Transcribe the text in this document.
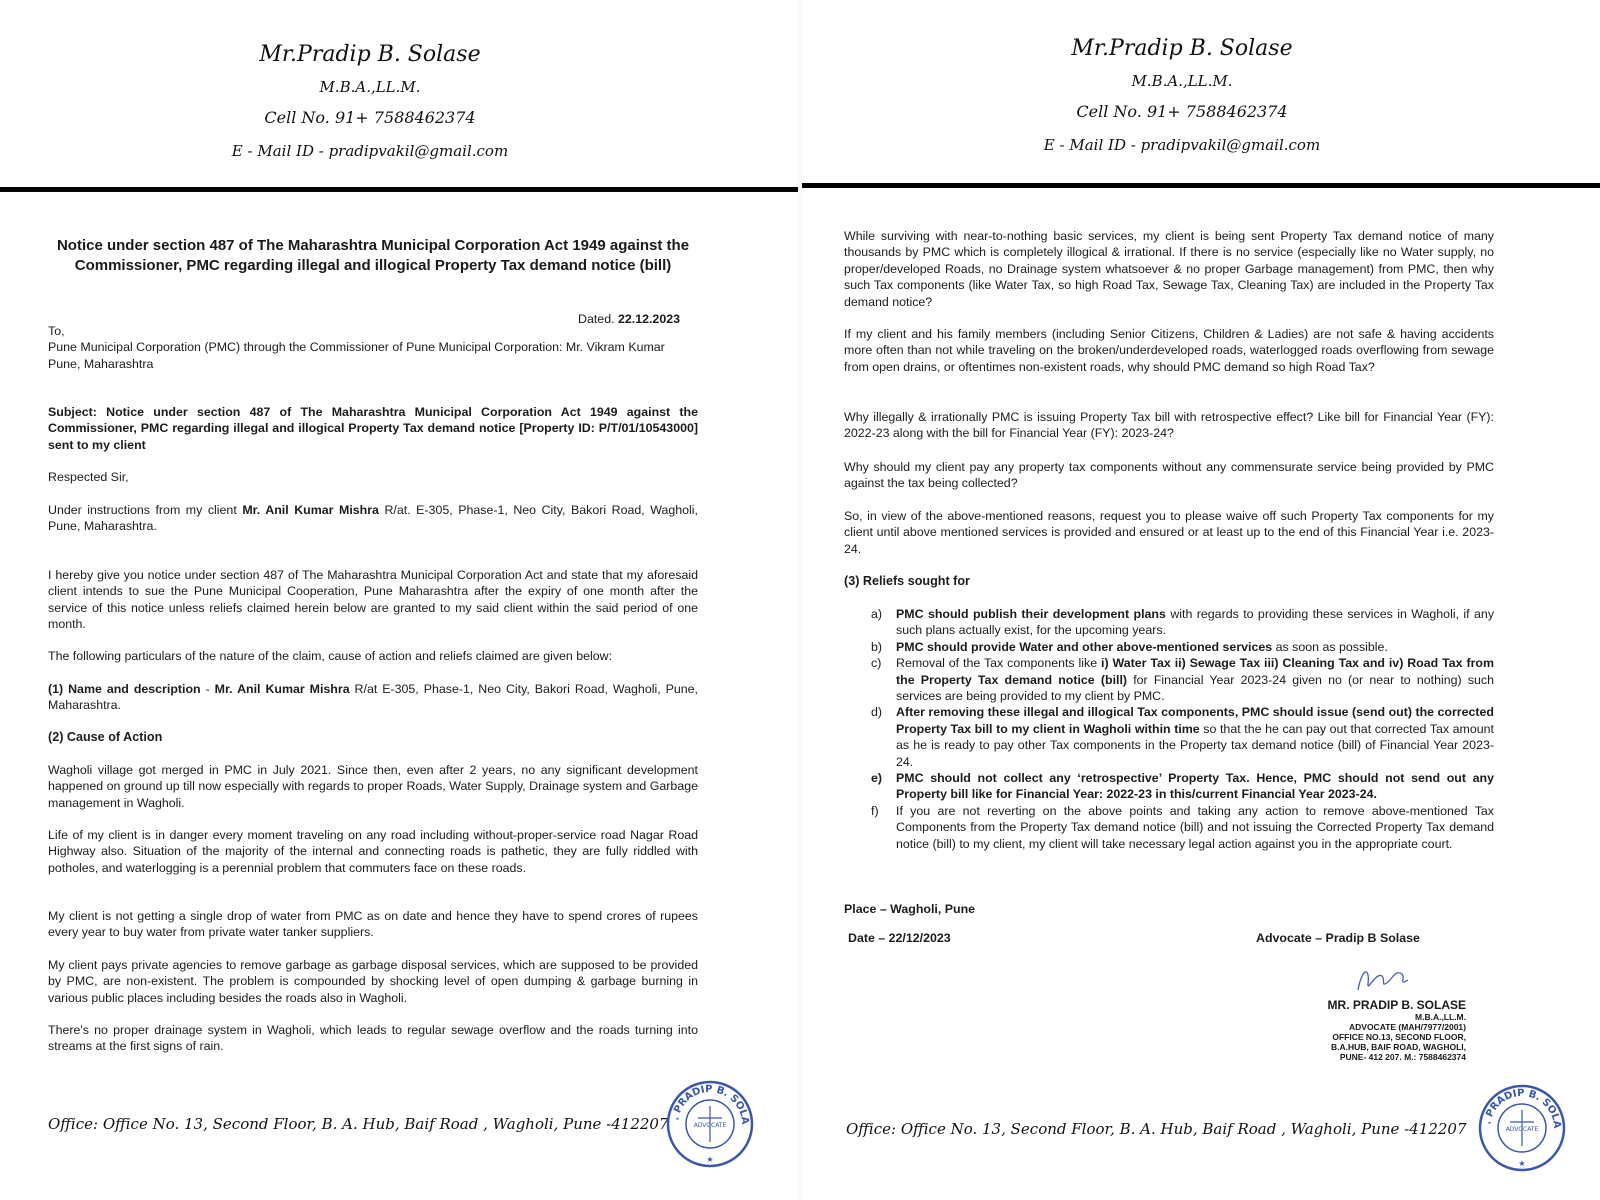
Mr.Pradip B. Solase
M.B.A.,LL.M.
Cell No. 91+ 7588462374
E - Mail ID - pradipvakil@gmail.com
Notice under section 487 of The Maharashtra Municipal Corporation Act 1949 against the Commissioner, PMC regarding illegal and illogical Property Tax demand notice (bill)
Dated. 22.12.2023

To,

Pune Municipal Corporation (PMC) through the Commissioner of Pune Municipal Corporation: Mr. Vikram Kumar

Pune, Maharashtra

Subject: Notice under section 487 of The Maharashtra Municipal Corporation Act 1949 against the Commissioner, PMC regarding illegal and illogical Property Tax demand notice [Property ID: P/T/01/10543000] sent to my client

Respected Sir,

Under instructions from my client Mr. Anil Kumar Mishra R/at. E-305, Phase-1, Neo City, Bakori Road, Wagholi, Pune, Maharashtra.

I hereby give you notice under section 487 of The Maharashtra Municipal Corporation Act and state that my aforesaid client intends to sue the Pune Municipal Cooperation, Pune Maharashtra after the expiry of one month after the service of this notice unless reliefs claimed herein below are granted to my said client within the said period of one month.

The following particulars of the nature of the claim, cause of action and reliefs claimed are given below:

(1) Name and description - Mr. Anil Kumar Mishra R/at E-305, Phase-1, Neo City, Bakori Road, Wagholi, Pune, Maharashtra.

(2) Cause of Action

Wagholi village got merged in PMC in July 2021. Since then, even after 2 years, no any significant development happened on ground up till now especially with regards to proper Roads, Water Supply, Drainage system and Garbage management in Wagholi.

Life of my client is in danger every moment traveling on any road including without-proper-service road Nagar Road Highway also. Situation of the majority of the internal and connecting roads is pathetic, they are fully riddled with potholes, and waterlogging is a perennial problem that commuters face on these roads.

My client is not getting a single drop of water from PMC as on date and hence they have to spend crores of rupees every year to buy water from private water tanker suppliers.

My client pays private agencies to remove garbage as garbage disposal services, which are supposed to be provided by PMC, are non-existent. The problem is compounded by shocking level of open dumping & garbage burning in various public places including besides the roads also in Wagholi.

There's no proper drainage system in Wagholi, which leads to regular sewage overflow and the roads turning into streams at the first signs of rain.

Office: Office No. 13, Second Floor, B. A. Hub, Baif Road , Wagholi, Pune -412207 . PRADIP B. SOLA
ADVOCATE
★
Mr.Pradip B. Solase
M.B.A.,LL.M.
Cell No. 91+ 7588462374
E - Mail ID - pradipvakil@gmail.com

While surviving with near-to-nothing basic services, my client is being sent Property Tax demand notice of many thousands by PMC which is completely illogical & irrational. If there is no service (especially like no Water supply, no proper/developed Roads, no Drainage system whatsoever & no proper Garbage management) from PMC, then why such Tax components (like Water Tax, so high Road Tax, Sewage Tax, Cleaning Tax) are included in the Property Tax demand notice?

If my client and his family members (including Senior Citizens, Children & Ladies) are not safe & having accidents more often than not while traveling on the broken/underdeveloped roads, waterlogged roads overflowing from sewage from open drains, or oftentimes non-existent roads, why should PMC demand so high Road Tax?

Why illegally & irrationally PMC is issuing Property Tax bill with retrospective effect? Like bill for Financial Year (FY): 2022-23 along with the bill for Financial Year (FY): 2023-24?

Why should my client pay any property tax components without any commensurate service being provided by PMC against the tax being collected?

So, in view of the above-mentioned reasons, request you to please waive off such Property Tax components for my client until above mentioned services is provided and ensured or at least up to the end of this Financial Year i.e. 2023-24.

(3) Reliefs sought for
a) PMC should publish their development plans with regards to providing these services in Wagholi, if any such plans actually exist, for the upcoming years.
b) PMC should provide Water and other above-mentioned services as soon as possible.
c) Removal of the Tax components like i) Water Tax ii) Sewage Tax iii) Cleaning Tax and iv) Road Tax from the Property Tax demand notice (bill) for Financial Year 2023-24 given no (or near to nothing) such services are being provided to my client by PMC.
d) After removing these illegal and illogical Tax components, PMC should issue (send out) the corrected Property Tax bill to my client in Wagholi within time so that the he can pay out that corrected Tax amount as he is ready to pay other Tax components in the Property tax demand notice (bill) of Financial Year 2023-24.
e) PMC should not collect any ‘retrospective’ Property Tax. Hence, PMC should not send out any Property bill like for Financial Year: 2022-23 in this/current Financial Year 2023-24.
f) If you are not reverting on the above points and taking any action to remove above-mentioned Tax Components from the Property Tax demand notice (bill) and not issuing the Corrected Property Tax demand notice (bill) to my client, my client will take necessary legal action against you in the appropriate court.
Place – Wagholi, Pune
Date – 22/12/2023	Advocate – Pradip B Solase
MR. PRADIP B. SOLASE
M.B.A.,LL.M.
ADVOCATE (MAH/7977/2001)
OFFICE NO.13, SECOND FLOOR,
B.A.HUB, BAIF ROAD, WAGHOLI,
PUNE- 412 207. M.: 7588462374
Office: Office No. 13, Second Floor, B. A. Hub, Baif Road , Wagholi, Pune -412207	. PRADIP B. SOLA
ADVOCATE
★
